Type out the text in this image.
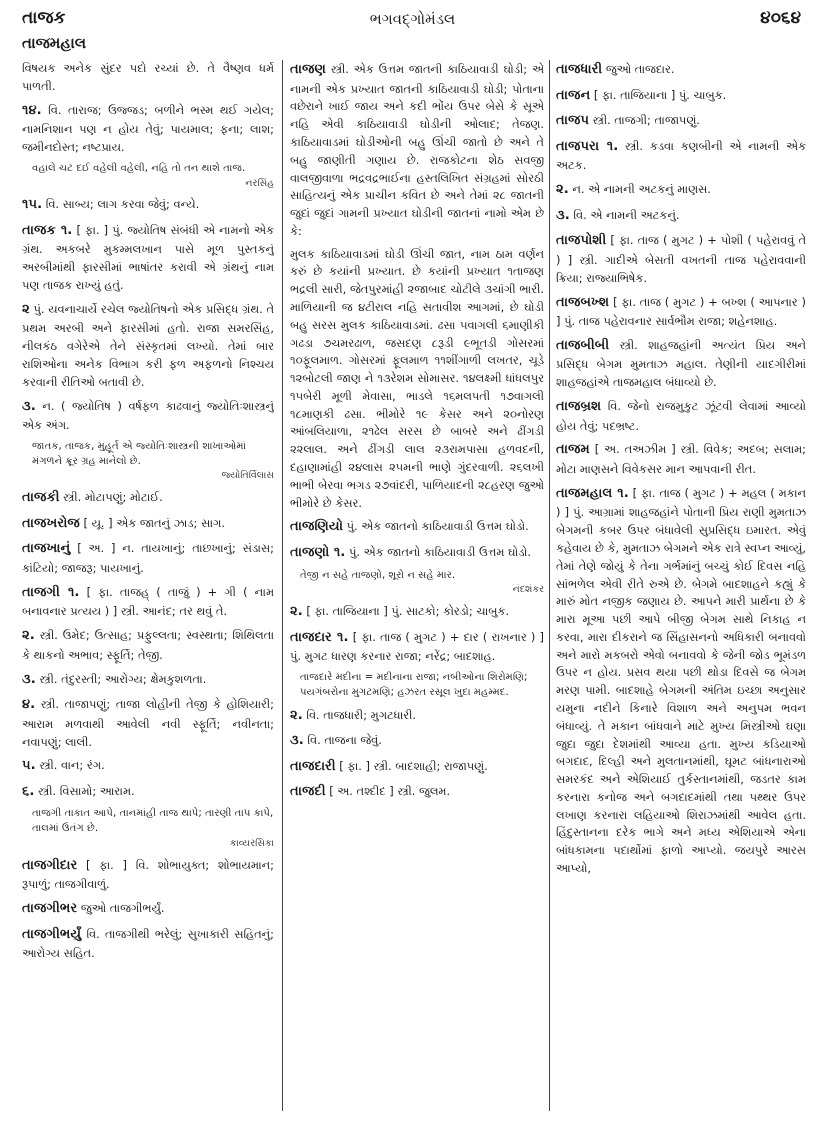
તાજક	ભગવદ્ગોમંડલ	૪૦૬૪
તાજમહાલ
વિષયક અનેક સુંદર પદો રચ્યાં છે. તે વૈષ્ણવ ધર્મ પાળતી.
૧૪. વિ. તારાજ; ઉજ્જડ; બળીને ભસ્મ થઈ ગયેલ; નામનિશાન પણ ન હોય તેવું; પાયમાલ; ફના; લાશ; જમીનદોસ્ત; નષ્ટપ્રાય.
વહાલે ચટ દઈ વહેલી વહેલી, નહિ તો તન થાશે તાજ.
નરસિંહ
૧૫. વિ. સાબ્ય; લાગ કરવા જેવું; વન્યે.
તાજક ૧. [ ફા. ] પું. જ્યોતિષ સંબંધી એ નામનો એક ગ્રંથ. અકબરે મુકમ્મલખાન પાસે મૂળ પુસ્તકનું અરબીમાંથી ફારસીમાં ભાષાંતર કરાવી એ ગ્રંથનું નામ પણ તાજક રાખ્યું હતું.
૨ પું. યવનાચાર્યે રચેલ જ્યોતિષનો એક પ્રસિદ્ધ ગ્રંથ. તે પ્રથમ અરબી અને ફારસીમાં હતો. રાજા સમરસિંહ, નીલકંઠ વગેરેએ તેને સંસ્કૃતમાં લખ્યો. તેમાં બાર રાશિઓના અનેક વિભાગ કરી ફળ અફળનો નિશ્ચય કરવાની રીતિઓ બતાવી છે.
૩. ન. ( જ્યોતિષ ) વર્ષફળ કાઢવાનું જ્યોતિઃશાસ્ત્રનું એક અંગ.
જાતક, તાજક, મુહૂર્ત એ જ્યોતિઃશાસ્ત્રની શાખાઓમાં મંગળને ક્રૂર ગ્રહ માનેલો છે.
જ્યોતિર્વિલાસ
તાજકી સ્ત્રી. મોટાપણું; મોટાઈ.
તાજખરોજ [ યૂ. ] એક જાતનું ઝાડ; સાગ.
તાજખાનું [ અ. ] ન. તાયખાનું; તાછખાનું; સંડાસ; કાંટિયો; જાજરૂ; પાયખાનું.
તાજગી ૧. [ ફા. તાજહ્ ( તાજું ) + ગી ( નામ બનાવનાર પ્રત્યય ) ] સ્ત્રી. આનંદ; તર થવું તે.
૨. સ્ત્રી. ઉમેદ; ઉત્સાહ; પ્રફુલ્લતા; સ્વસ્થતા; શિથિલતા કે થાકનો અભાવ; સ્ફૂર્તિ; તેજી.
૩. સ્ત્રી. તંદુરસ્તી; આરોગ્ય; ક્ષેમકુશળતા.
૪. સ્ત્રી. તાજાપણું; તાજા લોહીની તેજી કે હોશિયારી; આરામ મળવાથી આવેલી નવી સ્ફૂર્તિ; નવીનતા; નવાપણું; લાલી.
૫. સ્ત્રી. વાન; રંગ.
૬. સ્ત્રી. વિસામો; આરામ.
તાજગી તાકાત આપે, તાનમાંહી તાજ થાપે; તારણી તાપ કાપે, તાલમાં ઉતંગ છે.
કાવ્યરસિકા
તાજગીદાર [ ફા. ] વિ. શોભાયુક્ત; શોભાયમાન; રૂપાળું; તાજગીવાળું.
તાજગીભર જુઓ તાજગીભર્યું.
તાજગીભર્યું વિ. તાજગીથી ભરેલું; સુખાકારી સહિતનું; આરોગ્ય સહિત.
તાજણ સ્ત્રી. એક ઉત્તમ જાતની કાઠિયાવાડી ઘોડી; એ નામની એક પ્રખ્યાત જાતની કાઠિયાવાડી ઘોડી; પોતાના વછેરાને ખાઈ જાય અને કદી ભોંય ઉપર બેસે કે સૂએ નહિ એવી કાઠિયાવાડી ઘોડીની ઓલાદ; તેજણ. કાઠિયાવાડમાં ઘોડીઓની બહુ ઊંચી જાતો છે અને તે બહુ જાણીતી ગણાય છે. રાજકોટના શેઠ સવજી વાલજીવાળા ભદ્રવદ્રભાઈના હસ્તલિખિત સંગ્રહમાં સોરઠી સાહિત્યનું એક પ્રાચીન કવિત છે અને તેમાં ૨૮ જાતની જુદાં જુદાં ગામની પ્રખ્યાત ઘોડીની જાતનાં નામો એમ છે કે:
મુલક કાઠિયાવાડમાં ઘોડી ઊંચી જાત, નામ ઠામ વર્ણન કરું છે કયાંની પ્રખ્યાત. છે કયાંની પ્રખ્યાત ૧તાજણ ભદ્રલી સારી, જેતપુરમાંહી ૨જાબાદ ચોટીલે ૩ચાંગી ભારી. માળિયાની જ ૪ટીરાલ નહિ સતાવીશ આગમાં, છે ઘોડી બહુ સરસ મુલક કાઠિયાવાડમાં. ઢસા ૫વાગલી ૬માણીકી ગઢડા ૭ચમરઢાળ, જસદણ ૮રૂડી ૯ભૂતડી ગોસરમાં ૧૦ફૂલમાળ. ગોસરમાં ફૂલમાળ ૧૧શીંગાળી લખતર, ચૂડે ૧૨બોટલી જાણ ને ૧૩રેશમ સોમાસર. ૧૪લક્ષ્મી ધાંધલપુર ૧૫બેરી મૂળી મેવાસા, ભાડલે ૧૬મલપતી ૧૭વાગલી ૧૮માણકી ઢસા. ભીમોરે ૧૯ કેસર અને ૨૦નોરણ આંબલિયાળા, ૨૧ઢેલ સરસ છે બાબરે અને ઢીંગડી ૨૨લાલ. અને ઢીંગડી લાલ ૨૩રામપાસા હળવદની, દહાણામાંહી ૨૪લાસ ૨૫મની ભાણે ગુંદરવાળી. ૨૬લખી ભાભી બેરવા ભગડ ૨૭વાંદરી, પાળિયાદની ૨૮હરણ જુઓ ભીમોરે છે કેસર.
તાજણિયો પું. એક જાતનો કાઠિયાવાડી ઉત્તમ ઘોડો.
તાજણો ૧. પું. એક જાતનો કાઠિયાવાડી ઉત્તમ ઘોડો.
તેજી ન સહે તાજણો, શૂરો ન સહે માર.
નંદશંકર
૨. [ ફા. તાજિયાના ] પું. સાટકો; કોરડો; ચાબુક.
તાજદાર ૧. [ ફા. તાજ ( મુગટ ) + દાર ( રાખનાર ) ] પું. મુગટ ધારણ કરનાર રાજા; નરેંદ્ર; બાદશાહ.
તાજદારે મદીના = મદીનાના રાજા; નબીઓના શિરોમણિ; પયગંબરોના મુગટમણિ; હઝરત રસૂલ ખુદા મહમ્મદ.
૨. વિ. તાજધારી; મુગટધારી.
૩. વિ. તાજના જેવું.
તાજદારી [ ફા. ] સ્ત્રી. બાદશાહી; રાજાપણું.
તાજદી [ અ. તશ્દીદ ] સ્ત્રી. જુલમ.
તાજધારી જુઓ તાજદાર.
તાજન [ ફા. તાજિયાના ] પું. ચાબુક.
તાજપ સ્ત્રી. તાજગી; તાજાપણું.
તાજપરા ૧. સ્ત્રી. કડવા કણબીની એ નામની એક અટક.
૨. ન. એ નામની અટકનું માણસ.
૩. વિ. એ નામની અટકનું.
તાજપોશી [ ફા. તાજ ( મુગટ ) + પોશી ( પહેરાવવું તે ) ] સ્ત્રી. ગાદીએ બેસતી વખતની તાજ પહેરાવવાની ક્રિયા; રાજ્યાભિષેક.
તાજબખ્શ [ ફા. તાજ ( મુગટ ) + બખ્શ ( આપનાર ) ] પું. તાજ પહેરાવનાર સાર્વભૌમ રાજા; શહેનશાહ.
તાજબીબી સ્ત્રી. શાહજહાંની અત્યંત પ્રિય અને પ્રસિદ્ધ બેગમ મુમતાઝ મહાલ. તેણીની યાદગીરીમાં શાહજહાંએ તાજમહાલ બંધાવ્યો છે.
તાજબ્રશ વિ. જેનો રાજમુકુટ ઝૂંટવી લેવામાં આવ્યો હોય તેવું; પદભ્રષ્ટ.
તાજમ [ અ. તઅઝીમ ] સ્ત્રી. વિવેક; અદબ; સલામ; મોટા માણસને વિવેકસર માન આપવાની રીત.
તાજમહાલ ૧. [ ફા. તાજ ( મુગટ ) + મહલ ( મકાન ) ] પું. આગ્રામાં શાહજહાંને પોતાની પ્રિય રાણી મુમતાઝ બેગમની કબર ઉપર બંધાવેલી સુપ્રસિદ્ધ ઇમારત. એવું કહેવાય છે કે, મુમતાઝ બેગમને એક રાત્રે સ્વપ્ન આવ્યું, તેમાં તેણે જોયું કે તેના ગર્ભમાંનું બચ્ચું કોઈ દિવસ નહિ સાંભળેલ એવી રીતે રુએ છે. બેગમે બાદશાહને કહ્યું કે મારું મોત નજીક જણાય છે. આપને મારી પ્રાર્થના છે કે મારા મૂઆ પછી આપે બીજી બેગમ સાથે નિકાહ ન કરવા, મારા દીકરાને જ સિંહાસનનો અધિકારી બનાવવો અને મારો મકબરો એવો બનાવવો કે જેની જોડ ભૂમંડળ ઉપર ન હોય. પ્રસવ થયા પછી થોડા દિવસે જ બેગમ મરણ પામી. બાદશાહે બેગમની અંતિમ ઇચ્છા અનુસાર યમુના નદીને કિનારે વિશાળ અને અનુપમ ભવન બંધાવ્યું. તે મકાન બાંધવાને માટે મુખ્ય મિસ્ત્રીઓ ઘણા જુદા જુદા દેશમાંથી આવ્યા હતા. મુખ્ય કડિયાઓ બગદાદ, દિલ્હી અને મુલતાનમાંથી, ઘૂમટ બાંધનારાઓ સમરકંદ અને એશિયાઈ તુર્કસ્તાનમાંથી, જડતર કામ કરનારા કનોજ અને બગદાદમાંથી તથા પથ્થર ઉપર લખાણ કરનારા લહિયાઓ શિરાઝમાંથી આવેલ હતા. હિંદુસ્તાનના દરેક ભાગે અને મધ્ય એશિયાએ એના બાંધકામના પદાર્થોમાં ફાળો આપ્યો. જયપુરે આરસ આપ્યો,
